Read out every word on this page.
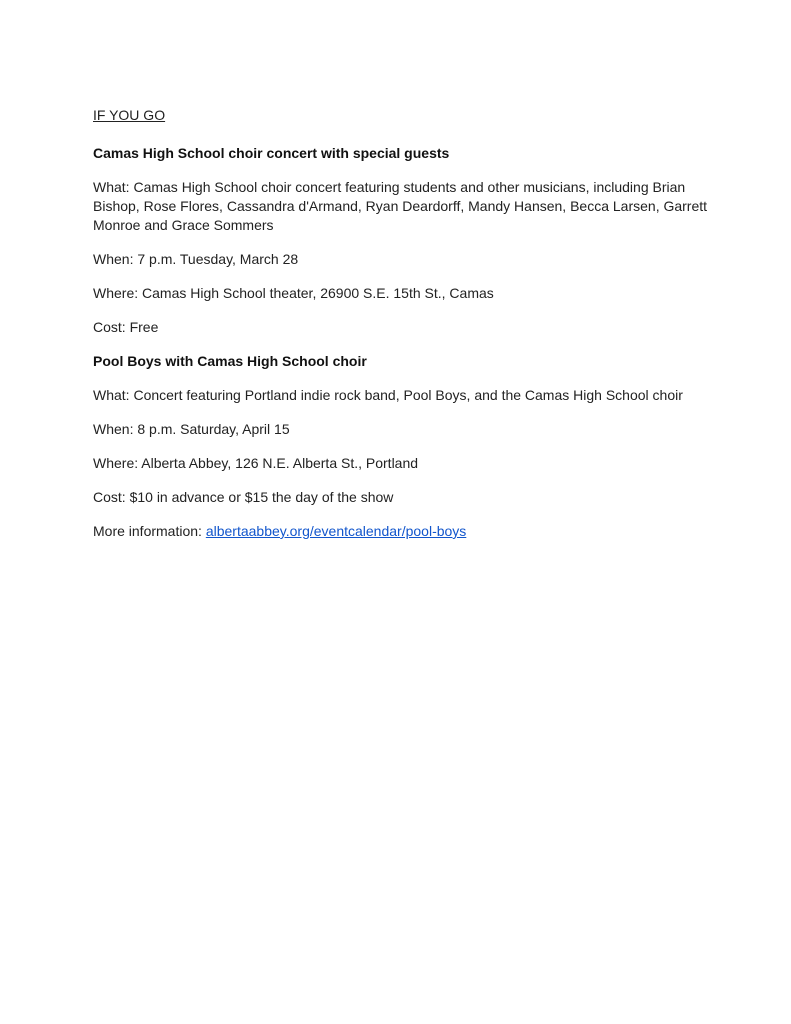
IF YOU GO

Camas High School choir concert with special guests

What: Camas High School choir concert featuring students and other musicians, including Brian Bishop, Rose Flores, Cassandra d'Armand, Ryan Deardorff, Mandy Hansen, Becca Larsen, Garrett Monroe and Grace Sommers

When: 7 p.m. Tuesday, March 28

Where: Camas High School theater, 26900 S.E. 15th St., Camas

Cost: Free

Pool Boys with Camas High School choir

What: Concert featuring Portland indie rock band, Pool Boys, and the Camas High School choir

When: 8 p.m. Saturday, April 15

Where: Alberta Abbey, 126 N.E. Alberta St., Portland

Cost: $10 in advance or $15 the day of the show

More information: albertaabbey.org/eventcalendar/pool-boys
